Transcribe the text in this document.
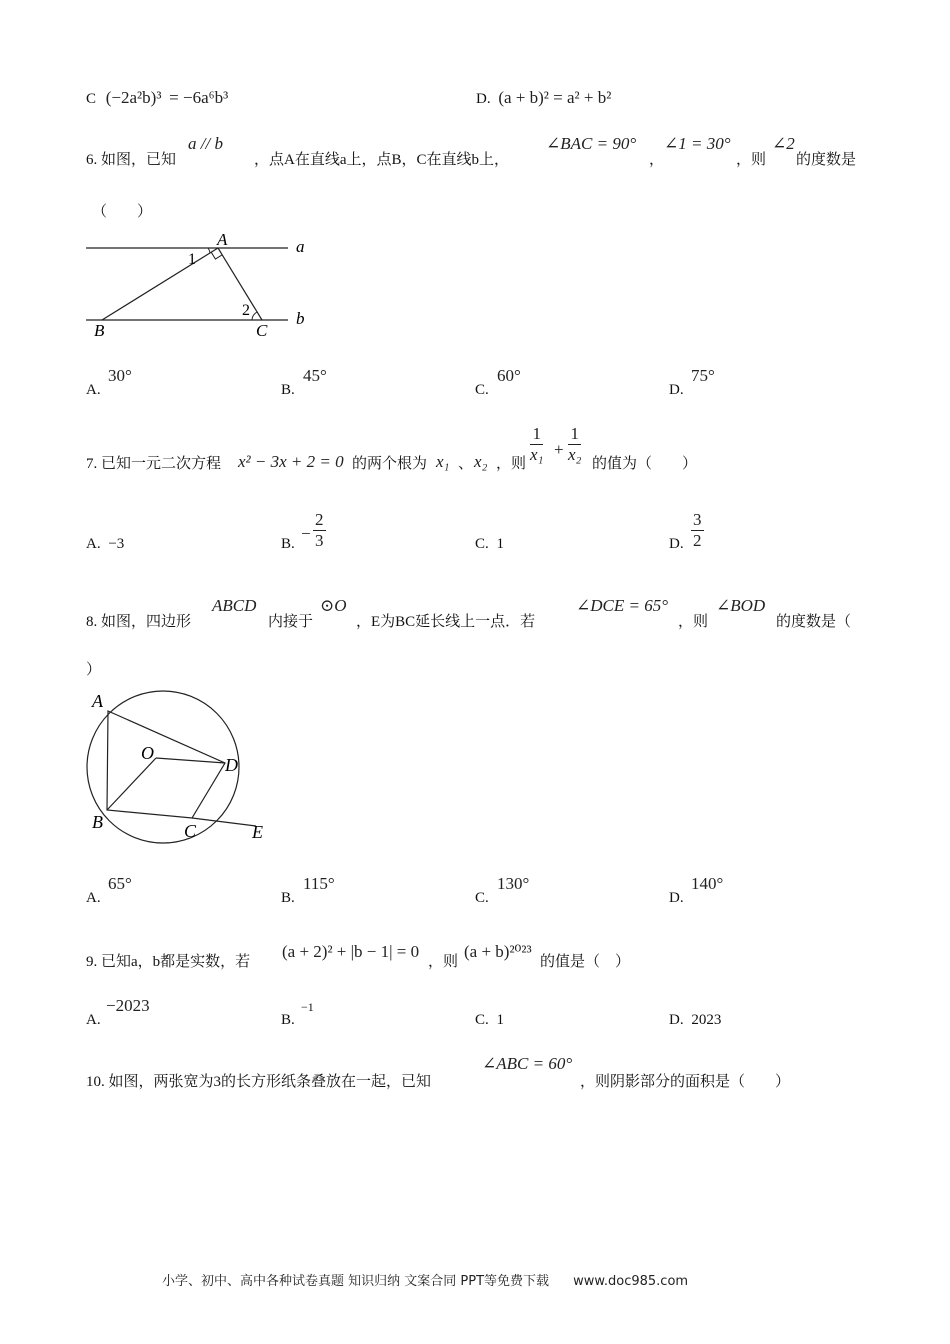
C (−2a²b)³ = −6a⁶b³	D. (a + b)² = a² + b²
6. 如图，已知
a // b
，点A在直线a上，点B，C在直线b上，
∠BAC = 90°
，
∠1 = 30°
，则
∠2
的度数是
（　　）
A	a
b
B	C
1
2
A.
30°
B.
45°
C.
60°
D.
75°
7. 已知一元二次方程 x² − 3x + 2 = 0 的两个根为 x₁ 、 x₂ ，则 $\frac{1}{\text{x₁}} + \frac{1}{\text{x₂}}$ 的值为（　　）
A. −3	B.
− $\frac{2}{3}$	C. 1	D. $\frac{3}{2}$
8. 如图，四边形
ABCD
内接于
⊙O
，E为BC延长线上一点．若
∠DCE = 65°
，则
∠BOD
的度数是（
）
A
O
D
B	C	E
A.
65°
B.
115°
C.
130°
D.
140°
9. 已知a，b都是实数，若
(a + 2)² + |b − 1| = 0
，则
(a + b)²⁰²³
的值是（　）
A.
−2023
B.
−1
C. 1	D. 2023
10. 如图，两张宽为3的长方形纸条叠放在一起，已知
∠ABC = 60°
，则阴影部分的面积是（　　）
小学、初中、高中各种试卷真题 知识归纳 文案合同 PPT等免费下载 www.doc985.com
